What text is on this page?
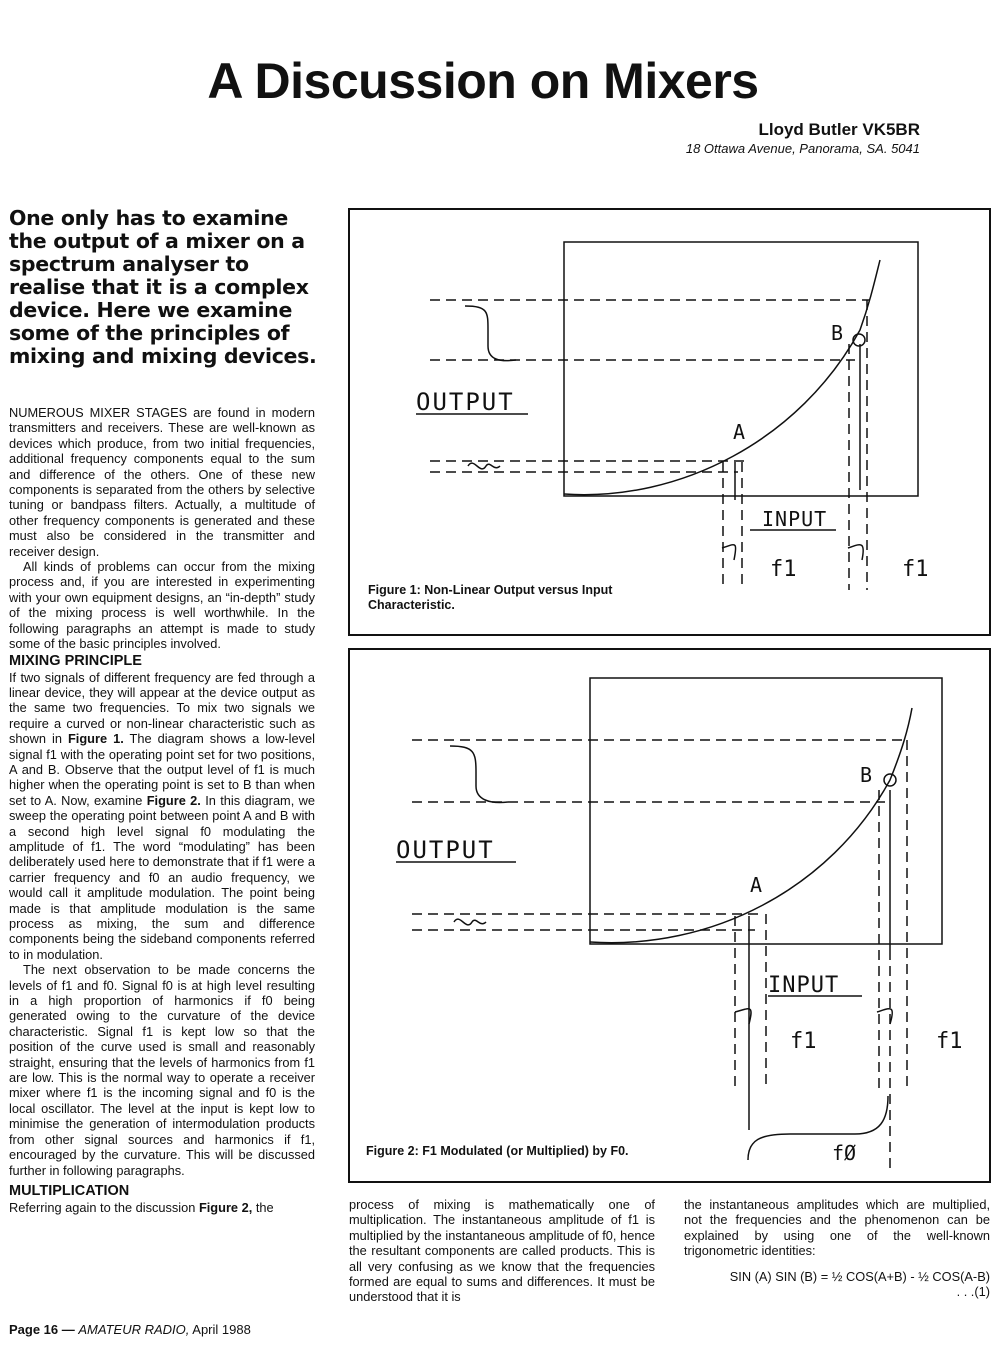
A Discussion on Mixers
Lloyd Butler VK5BR
18 Ottawa Avenue, Panorama, SA. 5041
One only has to examine the output of a mixer on a spectrum analyser to realise that it is a complex device. Here we examine some of the principles of mixing and mixing devices.

NUMEROUS MIXER STAGES are found in modern transmitters and receivers. These are well-known as devices which produce, from two initial frequencies, additional frequency components equal to the sum and difference of the others. One of these new components is separated from the others by selective tuning or bandpass filters. Actually, a multitude of other frequency components is generated and these must also be considered in the transmitter and receiver design.

All kinds of problems can occur from the mixing process and, if you are interested in experimenting with your own equipment designs, an “in-depth” study of the mixing process is well worthwhile. In the following paragraphs an attempt is made to study some of the basic principles involved.

MIXING PRINCIPLE

If two signals of different frequency are fed through a linear device, they will appear at the device output as the same two frequencies. To mix two signals we require a curved or non-linear characteristic such as shown in Figure 1. The diagram shows a low-level signal f1 with the operating point set for two positions, A and B. Observe that the output level of f1 is much higher when the operating point is set to B than when set to A. Now, examine Figure 2. In this diagram, we sweep the operating point between point A and B with a second high level signal f0 modulating the amplitude of f1. The word “modulating” has been deliberately used here to demonstrate that if f1 were a carrier frequency and f0 an audio frequency, we would call it amplitude modulation. The point being made is that amplitude modulation is the same process as mixing, the sum and difference components being the sideband components referred to in modulation.

The next observation to be made concerns the levels of f1 and f0. Signal f0 is at high level resulting in a high proportion of harmonics if f0 being generated owing to the curvature of the device characteristic. Signal f1 is kept low so that the position of the curve used is small and reasonably straight, ensuring that the levels of harmonics from f1 are low. This is the normal way to operate a receiver mixer where f1 is the incoming signal and f0 is the local oscillator. The level at the input is kept low to minimise the generation of intermodulation products from other signal sources and harmonics if f1, encouraged by the curvature. This will be discussed further in following paragraphs.

MULTIPLICATION

Referring again to the discussion Figure 2, the

OUTPUT
A
B
INPUT
f1	f1
Figure 1: Non-Linear Output versus Input Characteristic.
OUTPUT
A
B
INPUT
f1	f1
fØ
Figure 2: F1 Modulated (or Multiplied) by F0.

process of mixing is mathematically one of multiplication. The instantaneous amplitude of f1 is multiplied by the instantaneous amplitude of f0, hence the resultant components are called products. This is all very confusing as we know that the frequencies formed are equal to sums and differences. It must be understood that it is

the instantaneous amplitudes which are multiplied, not the frequencies and the phenomenon can be explained by using one of the well-known trigonometric identities:

SIN (A) SIN (B) = ½ COS(A+B) - ½ COS(A-B)

. . .(1)

Page 16 — AMATEUR RADIO, April 1988
